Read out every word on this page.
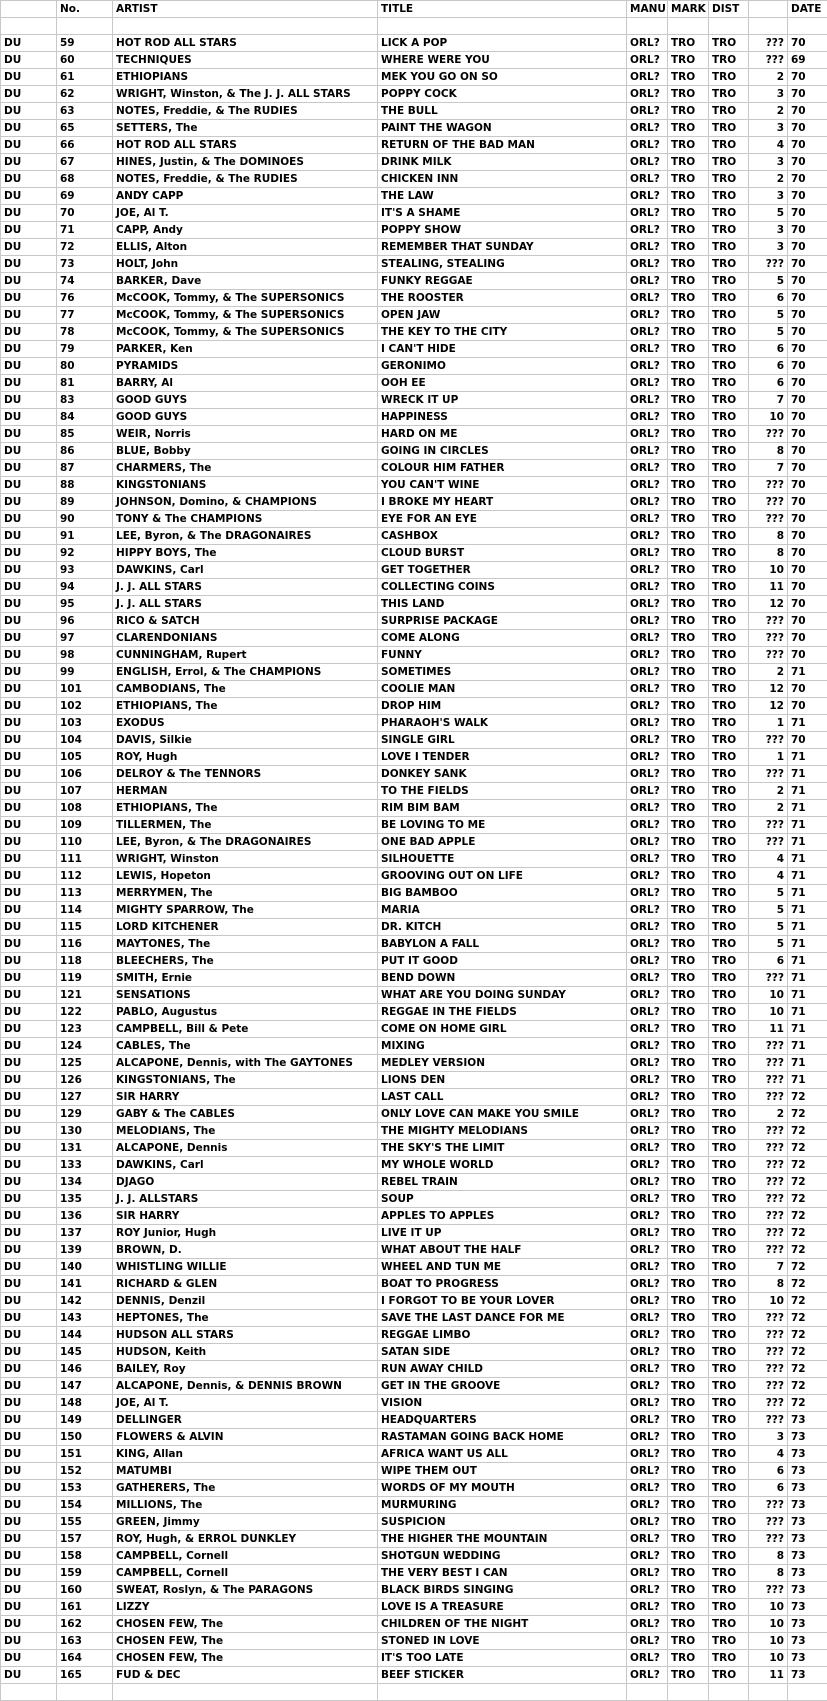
	No.	ARTIST	TITLE	MANU	MARK	DIST		DATE

DU	59	HOT ROD ALL STARS	LICK A POP	ORL?	TRO	TRO	???	70
DU	60	TECHNIQUES	WHERE WERE YOU	ORL?	TRO	TRO	???	69
DU	61	ETHIOPIANS	MEK YOU GO ON SO	ORL?	TRO	TRO	2	70
DU	62	WRIGHT, Winston, & The J. J. ALL STARS	POPPY COCK	ORL?	TRO	TRO	3	70
DU	63	NOTES, Freddie, & The RUDIES	THE BULL	ORL?	TRO	TRO	2	70
DU	65	SETTERS, The	PAINT THE WAGON	ORL?	TRO	TRO	3	70
DU	66	HOT ROD ALL STARS	RETURN OF THE BAD MAN	ORL?	TRO	TRO	4	70
DU	67	HINES, Justin, & The DOMINOES	DRINK MILK	ORL?	TRO	TRO	3	70
DU	68	NOTES, Freddie, & The RUDIES	CHICKEN INN	ORL?	TRO	TRO	2	70
DU	69	ANDY CAPP	THE LAW	ORL?	TRO	TRO	3	70
DU	70	JOE, Al T.	IT'S A SHAME	ORL?	TRO	TRO	5	70
DU	71	CAPP, Andy	POPPY SHOW	ORL?	TRO	TRO	3	70
DU	72	ELLIS, Alton	REMEMBER THAT SUNDAY	ORL?	TRO	TRO	3	70
DU	73	HOLT, John	STEALING, STEALING	ORL?	TRO	TRO	???	70
DU	74	BARKER, Dave	FUNKY REGGAE	ORL?	TRO	TRO	5	70
DU	76	McCOOK, Tommy, & The SUPERSONICS	THE ROOSTER	ORL?	TRO	TRO	6	70
DU	77	McCOOK, Tommy, & The SUPERSONICS	OPEN JAW	ORL?	TRO	TRO	5	70
DU	78	McCOOK, Tommy, & The SUPERSONICS	THE KEY TO THE CITY	ORL?	TRO	TRO	5	70
DU	79	PARKER, Ken	I CAN'T HIDE	ORL?	TRO	TRO	6	70
DU	80	PYRAMIDS	GERONIMO	ORL?	TRO	TRO	6	70
DU	81	BARRY, Al	OOH EE	ORL?	TRO	TRO	6	70
DU	83	GOOD GUYS	WRECK IT UP	ORL?	TRO	TRO	7	70
DU	84	GOOD GUYS	HAPPINESS	ORL?	TRO	TRO	10	70
DU	85	WEIR, Norris	HARD ON ME	ORL?	TRO	TRO	???	70
DU	86	BLUE, Bobby	GOING IN CIRCLES	ORL?	TRO	TRO	8	70
DU	87	CHARMERS, The	COLOUR HIM FATHER	ORL?	TRO	TRO	7	70
DU	88	KINGSTONIANS	YOU CAN'T WINE	ORL?	TRO	TRO	???	70
DU	89	JOHNSON, Domino, & CHAMPIONS	I BROKE MY HEART	ORL?	TRO	TRO	???	70
DU	90	TONY & The CHAMPIONS	EYE FOR AN EYE	ORL?	TRO	TRO	???	70
DU	91	LEE, Byron, & The DRAGONAIRES	CASHBOX	ORL?	TRO	TRO	8	70
DU	92	HIPPY BOYS, The	CLOUD BURST	ORL?	TRO	TRO	8	70
DU	93	DAWKINS, Carl	GET TOGETHER	ORL?	TRO	TRO	10	70
DU	94	J. J. ALL STARS	COLLECTING COINS	ORL?	TRO	TRO	11	70
DU	95	J. J. ALL STARS	THIS LAND	ORL?	TRO	TRO	12	70
DU	96	RICO & SATCH	SURPRISE PACKAGE	ORL?	TRO	TRO	???	70
DU	97	CLARENDONIANS	COME ALONG	ORL?	TRO	TRO	???	70
DU	98	CUNNINGHAM, Rupert	FUNNY	ORL?	TRO	TRO	???	70
DU	99	ENGLISH, Errol, & The CHAMPIONS	SOMETIMES	ORL?	TRO	TRO	2	71
DU	101	CAMBODIANS, The	COOLIE MAN	ORL?	TRO	TRO	12	70
DU	102	ETHIOPIANS, The	DROP HIM	ORL?	TRO	TRO	12	70
DU	103	EXODUS	PHARAOH'S WALK	ORL?	TRO	TRO	1	71
DU	104	DAVIS, Silkie	SINGLE GIRL	ORL?	TRO	TRO	???	70
DU	105	ROY, Hugh	LOVE I TENDER	ORL?	TRO	TRO	1	71
DU	106	DELROY & The TENNORS	DONKEY SANK	ORL?	TRO	TRO	???	71
DU	107	HERMAN	TO THE FIELDS	ORL?	TRO	TRO	2	71
DU	108	ETHIOPIANS, The	RIM BIM BAM	ORL?	TRO	TRO	2	71
DU	109	TILLERMEN, The	BE LOVING TO ME	ORL?	TRO	TRO	???	71
DU	110	LEE, Byron, & The DRAGONAIRES	ONE BAD APPLE	ORL?	TRO	TRO	???	71
DU	111	WRIGHT, Winston	SILHOUETTE	ORL?	TRO	TRO	4	71
DU	112	LEWIS, Hopeton	GROOVING OUT ON LIFE	ORL?	TRO	TRO	4	71
DU	113	MERRYMEN, The	BIG BAMBOO	ORL?	TRO	TRO	5	71
DU	114	MIGHTY SPARROW, The	MARIA	ORL?	TRO	TRO	5	71
DU	115	LORD KITCHENER	DR. KITCH	ORL?	TRO	TRO	5	71
DU	116	MAYTONES, The	BABYLON A FALL	ORL?	TRO	TRO	5	71
DU	118	BLEECHERS, The	PUT IT GOOD	ORL?	TRO	TRO	6	71
DU	119	SMITH, Ernie	BEND DOWN	ORL?	TRO	TRO	???	71
DU	121	SENSATIONS	WHAT ARE YOU DOING SUNDAY	ORL?	TRO	TRO	10	71
DU	122	PABLO, Augustus	REGGAE IN THE FIELDS	ORL?	TRO	TRO	10	71
DU	123	CAMPBELL, Bill & Pete	COME ON HOME GIRL	ORL?	TRO	TRO	11	71
DU	124	CABLES, The	MIXING	ORL?	TRO	TRO	???	71
DU	125	ALCAPONE, Dennis, with The GAYTONES	MEDLEY VERSION	ORL?	TRO	TRO	???	71
DU	126	KINGSTONIANS, The	LIONS DEN	ORL?	TRO	TRO	???	71
DU	127	SIR HARRY	LAST CALL	ORL?	TRO	TRO	???	72
DU	129	GABY & The CABLES	ONLY LOVE CAN MAKE YOU SMILE	ORL?	TRO	TRO	2	72
DU	130	MELODIANS, The	THE MIGHTY MELODIANS	ORL?	TRO	TRO	???	72
DU	131	ALCAPONE, Dennis	THE SKY'S THE LIMIT	ORL?	TRO	TRO	???	72
DU	133	DAWKINS, Carl	MY WHOLE WORLD	ORL?	TRO	TRO	???	72
DU	134	DJAGO	REBEL TRAIN	ORL?	TRO	TRO	???	72
DU	135	J. J. ALLSTARS	SOUP	ORL?	TRO	TRO	???	72
DU	136	SIR HARRY	APPLES TO APPLES	ORL?	TRO	TRO	???	72
DU	137	ROY Junior, Hugh	LIVE IT UP	ORL?	TRO	TRO	???	72
DU	139	BROWN, D.	WHAT ABOUT THE HALF	ORL?	TRO	TRO	???	72
DU	140	WHISTLING WILLIE	WHEEL AND TUN ME	ORL?	TRO	TRO	7	72
DU	141	RICHARD & GLEN	BOAT TO PROGRESS	ORL?	TRO	TRO	8	72
DU	142	DENNIS, Denzil	I FORGOT TO BE YOUR LOVER	ORL?	TRO	TRO	10	72
DU	143	HEPTONES, The	SAVE THE LAST DANCE FOR ME	ORL?	TRO	TRO	???	72
DU	144	HUDSON ALL STARS	REGGAE LIMBO	ORL?	TRO	TRO	???	72
DU	145	HUDSON, Keith	SATAN SIDE	ORL?	TRO	TRO	???	72
DU	146	BAILEY, Roy	RUN AWAY CHILD	ORL?	TRO	TRO	???	72
DU	147	ALCAPONE, Dennis, & DENNIS BROWN	GET IN THE GROOVE	ORL?	TRO	TRO	???	72
DU	148	JOE, Al T.	VISION	ORL?	TRO	TRO	???	72
DU	149	DELLINGER	HEADQUARTERS	ORL?	TRO	TRO	???	73
DU	150	FLOWERS & ALVIN	RASTAMAN GOING BACK HOME	ORL?	TRO	TRO	3	73
DU	151	KING, Allan	AFRICA WANT US ALL	ORL?	TRO	TRO	4	73
DU	152	MATUMBI	WIPE THEM OUT	ORL?	TRO	TRO	6	73
DU	153	GATHERERS, The	WORDS OF MY MOUTH	ORL?	TRO	TRO	6	73
DU	154	MILLIONS, The	MURMURING	ORL?	TRO	TRO	???	73
DU	155	GREEN, Jimmy	SUSPICION	ORL?	TRO	TRO	???	73
DU	157	ROY, Hugh, & ERROL DUNKLEY	THE HIGHER THE MOUNTAIN	ORL?	TRO	TRO	???	73
DU	158	CAMPBELL, Cornell	SHOTGUN WEDDING	ORL?	TRO	TRO	8	73
DU	159	CAMPBELL, Cornell	THE VERY BEST I CAN	ORL?	TRO	TRO	8	73
DU	160	SWEAT, Roslyn, & The PARAGONS	BLACK BIRDS SINGING	ORL?	TRO	TRO	???	73
DU	161	LIZZY	LOVE IS A TREASURE	ORL?	TRO	TRO	10	73
DU	162	CHOSEN FEW, The	CHILDREN OF THE NIGHT	ORL?	TRO	TRO	10	73
DU	163	CHOSEN FEW, The	STONED IN LOVE	ORL?	TRO	TRO	10	73
DU	164	CHOSEN FEW, The	IT'S TOO LATE	ORL?	TRO	TRO	10	73
DU	165	FUD & DEC	BEEF STICKER	ORL?	TRO	TRO	11	73
